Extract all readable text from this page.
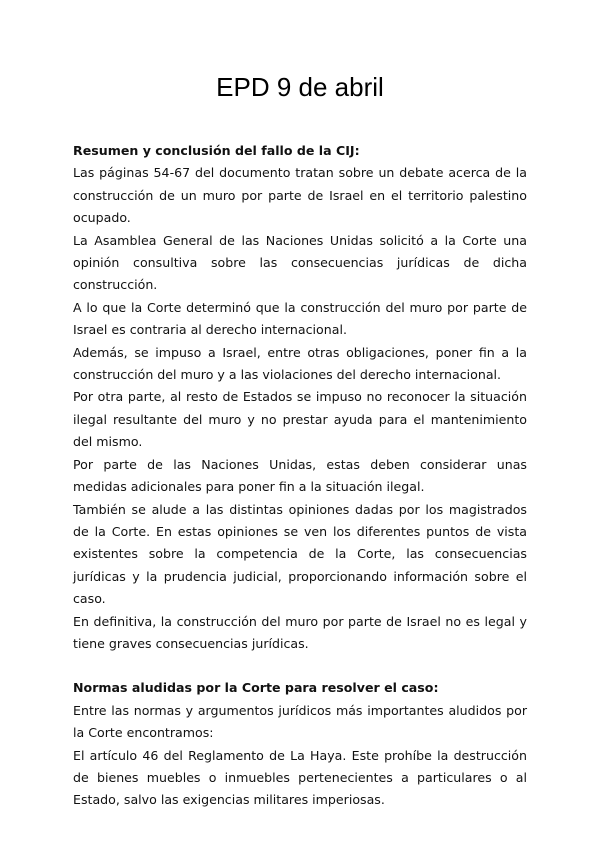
EPD 9 de abril

Resumen y conclusión del fallo de la CIJ:

Las páginas 54-67 del documento tratan sobre un debate acerca de la construcción de un muro por parte de Israel en el territorio palestino ocupado.

La Asamblea General de las Naciones Unidas solicitó a la Corte una opinión consultiva sobre las consecuencias jurídicas de dicha construcción.

A lo que la Corte determinó que la construcción del muro por parte de Israel es contraria al derecho internacional.

Además, se impuso a Israel, entre otras obligaciones, poner fin a la construcción del muro y a las violaciones del derecho internacional.

Por otra parte, al resto de Estados se impuso no reconocer la situación ilegal resultante del muro y no prestar ayuda para el mantenimiento del mismo.

Por parte de las Naciones Unidas, estas deben considerar unas medidas adicionales para poner fin a la situación ilegal.

También se alude a las distintas opiniones dadas por los magistrados de la Corte. En estas opiniones se ven los diferentes puntos de vista existentes sobre la competencia de la Corte, las consecuencias jurídicas y la prudencia judicial, proporcionando información sobre el caso.

En definitiva, la construcción del muro por parte de Israel no es legal y tiene graves consecuencias jurídicas.

Normas aludidas por la Corte para resolver el caso:

Entre las normas y argumentos jurídicos más importantes aludidos por la Corte encontramos:

El artículo 46 del Reglamento de La Haya. Este prohíbe la destrucción de bienes muebles o inmuebles pertenecientes a particulares o al Estado, salvo las exigencias militares imperiosas.
